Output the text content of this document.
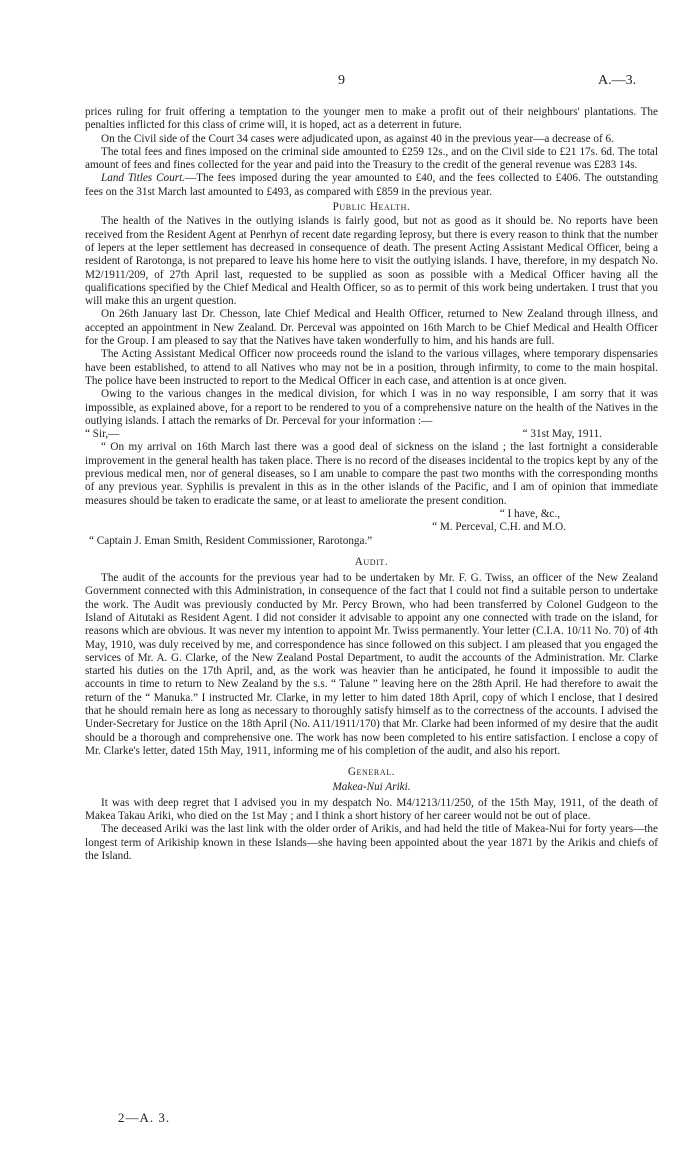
9	A.—3.

prices ruling for fruit offering a temptation to the younger men to make a profit out of their neighbours' plantations. The penalties inflicted for this class of crime will, it is hoped, act as a deterrent in future.

On the Civil side of the Court 34 cases were adjudicated upon, as against 40 in the previous year—a decrease of 6.

The total fees and fines imposed on the criminal side amounted to £259 12s., and on the Civil side to £21 17s. 6d. The total amount of fees and fines collected for the year and paid into the Treasury to the credit of the general revenue was £283 14s.

Land Titles Court.—The fees imposed during the year amounted to £40, and the fees collected to £406. The outstanding fees on the 31st March last amounted to £493, as compared with £859 in the previous year.

Public Health.

The health of the Natives in the outlying islands is fairly good, but not as good as it should be. No reports have been received from the Resident Agent at Penrhyn of recent date regarding leprosy, but there is every reason to think that the number of lepers at the leper settlement has decreased in consequence of death. The present Acting Assistant Medical Officer, being a resident of Rarotonga, is not prepared to leave his home here to visit the outlying islands. I have, therefore, in my despatch No. M2/1911/209, of 27th April last, requested to be supplied as soon as possible with a Medical Officer having all the qualifications specified by the Chief Medical and Health Officer, so as to permit of this work being undertaken. I trust that you will make this an urgent question.

On 26th January last Dr. Chesson, late Chief Medical and Health Officer, returned to New Zealand through illness, and accepted an appointment in New Zealand. Dr. Perceval was appointed on 16th March to be Chief Medical and Health Officer for the Group. I am pleased to say that the Natives have taken wonderfully to him, and his hands are full.

The Acting Assistant Medical Officer now proceeds round the island to the various villages, where temporary dispensaries have been established, to attend to all Natives who may not be in a position, through infirmity, to come to the main hospital. The police have been instructed to report to the Medical Officer in each case, and attention is at once given.

Owing to the various changes in the medical division, for which I was in no way responsible, I am sorry that it was impossible, as explained above, for a report to be rendered to you of a comprehensive nature on the health of the Natives in the outlying islands. I attach the remarks of Dr. Perceval for your information :—

“ Sir,—	“ 31st May, 1911.

“ On my arrival on 16th March last there was a good deal of sickness on the island ; the last fortnight a considerable improvement in the general health has taken place. There is no record of the diseases incidental to the tropics kept by any of the previous medical men, nor of general diseases, so I am unable to compare the past two months with the corresponding months of any previous year. Syphilis is prevalent in this as in the other islands of the Pacific, and I am of opinion that immediate measures should be taken to eradicate the same, or at least to ameliorate the present condition.

“ I have, &c.,
“ M. Perceval, C.H. and M.O.
“ Captain J. Eman Smith, Resident Commissioner, Rarotonga.”
Audit.

The audit of the accounts for the previous year had to be undertaken by Mr. F. G. Twiss, an officer of the New Zealand Government connected with this Administration, in consequence of the fact that I could not find a suitable person to undertake the work. The Audit was previously conducted by Mr. Percy Brown, who had been transferred by Colonel Gudgeon to the Island of Aitutaki as Resident Agent. I did not consider it advisable to appoint any one connected with trade on the island, for reasons which are obvious. It was never my intention to appoint Mr. Twiss permanently. Your letter (C.I.A. 10/11 No. 70) of 4th May, 1910, was duly received by me, and correspondence has since followed on this subject. I am pleased that you engaged the services of Mr. A. G. Clarke, of the New Zealand Postal Department, to audit the accounts of the Administration. Mr. Clarke started his duties on the 17th April, and, as the work was heavier than he anticipated, he found it impossible to audit the accounts in time to return to New Zealand by the s.s. “ Talune ” leaving here on the 28th April. He had therefore to await the return of the “ Manuka.” I instructed Mr. Clarke, in my letter to him dated 18th April, copy of which I enclose, that I desired that he should remain here as long as necessary to thoroughly satisfy himself as to the correctness of the accounts. I advised the Under-Secretary for Justice on the 18th April (No. A11/1911/170) that Mr. Clarke had been informed of my desire that the audit should be a thorough and comprehensive one. The work has now been completed to his entire satisfaction. I enclose a copy of Mr. Clarke's letter, dated 15th May, 1911, informing me of his completion of the audit, and also his report.

General.
Makea-Nui Ariki.

It was with deep regret that I advised you in my despatch No. M4/1213/11/250, of the 15th May, 1911, of the death of Makea Takau Ariki, who died on the 1st May ; and I think a short history of her career would not be out of place.

The deceased Ariki was the last link with the older order of Arikis, and had held the title of Makea-Nui for forty years—the longest term of Arikiship known in these Islands—she having been appointed about the year 1871 by the Arikis and chiefs of the Island.

2—A. 3.
